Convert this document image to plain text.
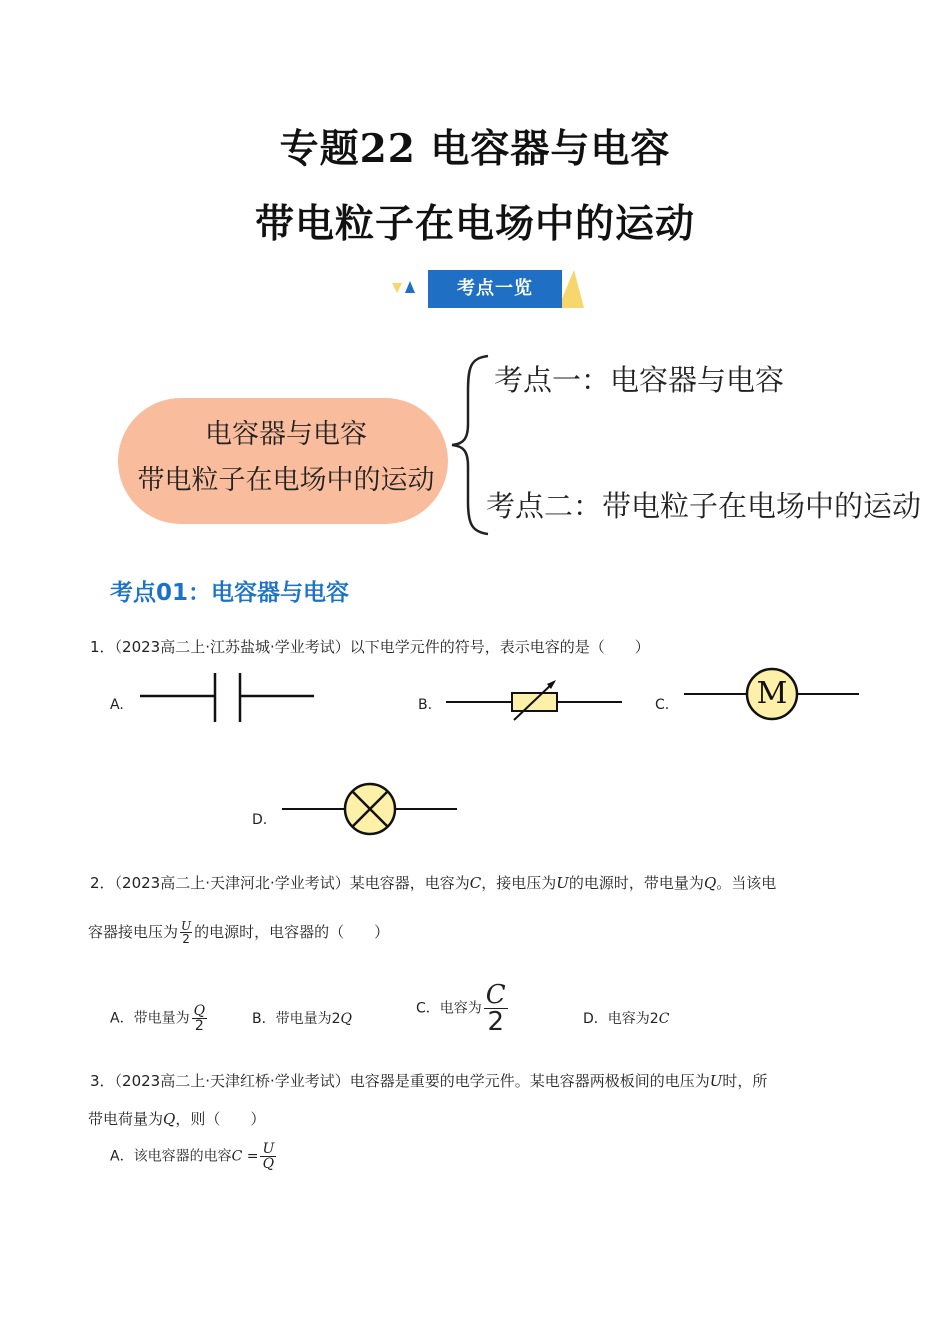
专题22 电容器与电容
带电粒子在电场中的运动
考点一览
电容器与电容
带电粒子在电场中的运动
考点一：电容器与电容
考点二：带电粒子在电场中的运动
考点01：电容器与电容
1．（2023高二上·江苏盐城·学业考试）以下电学元件的符号，表示电容的是（　　）
A.	B.	C.	M
D.
2．（2023高二上·天津河北·学业考试）某电容器，电容为C，接电压为U的电源时，带电量为Q。当该电
容器接电压为 $\frac{U}{2}$ 的电源时，电容器的（　　）
A．带电量为 $\frac{Q}{2}$	B．带电量为2Q
C．电容为 $\frac{C}{2}$	D．电容为2C
3．（2023高二上·天津红桥·学业考试）电容器是重要的电学元件。某电容器两极板间的电压为U时，所
带电荷量为Q，则（　　）
A．该电容器的电容$C = \frac{U}{Q}$
